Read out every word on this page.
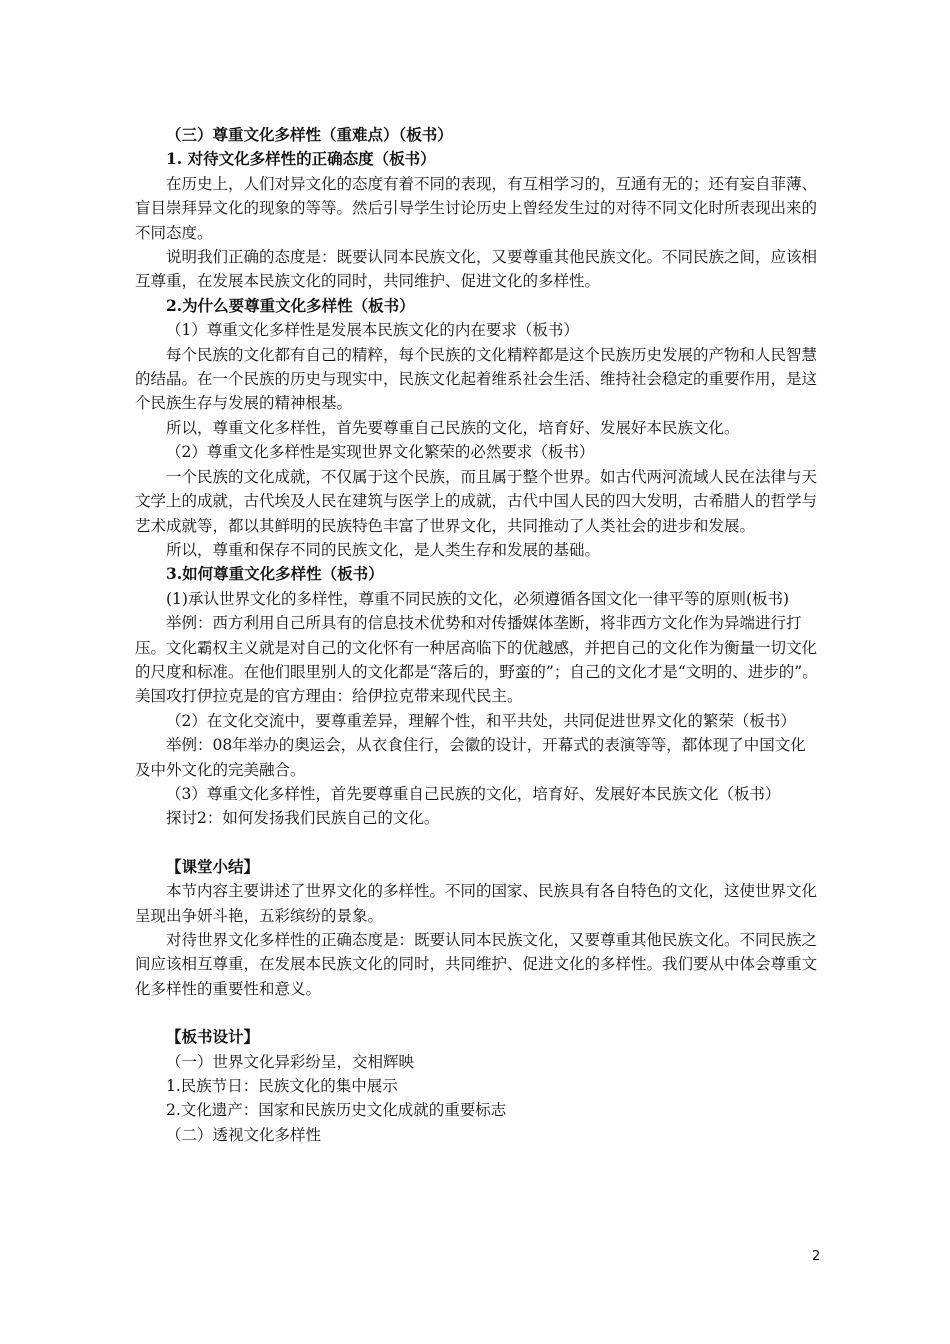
（三）尊重文化多样性（重难点）（板书）

1. 对待文化多样性的正确态度（板书）

在历史上，人们对异文化的态度有着不同的表现，有互相学习的，互通有无的；还有妄自菲薄、盲目崇拜异文化的现象的等等。然后引导学生讨论历史上曾经发生过的对待不同文化时所表现出来的不同态度。

说明我们正确的态度是：既要认同本民族文化，又要尊重其他民族文化。不同民族之间，应该相互尊重，在发展本民族文化的同时，共同维护、促进文化的多样性。

2.为什么要尊重文化多样性（板书）

（1）尊重文化多样性是发展本民族文化的内在要求（板书）

每个民族的文化都有自己的精粹，每个民族的文化精粹都是这个民族历史发展的产物和人民智慧的结晶。在一个民族的历史与现实中，民族文化起着维系社会生活、维持社会稳定的重要作用，是这个民族生存与发展的精神根基。

所以，尊重文化多样性，首先要尊重自己民族的文化，培育好、发展好本民族文化。

（2）尊重文化多样性是实现世界文化繁荣的必然要求（板书）

一个民族的文化成就，不仅属于这个民族，而且属于整个世界。如古代两河流域人民在法律与天文学上的成就，古代埃及人民在建筑与医学上的成就，古代中国人民的四大发明，古希腊人的哲学与艺术成就等，都以其鲜明的民族特色丰富了世界文化，共同推动了人类社会的进步和发展。

所以，尊重和保存不同的民族文化，是人类生存和发展的基础。

3.如何尊重文化多样性（板书）

(1)承认世界文化的多样性，尊重不同民族的文化，必须遵循各国文化一律平等的原则(板书)

举例：西方利用自己所具有的信息技术优势和对传播媒体垄断，将非西方文化作为异端进行打压。文化霸权主义就是对自己的文化怀有一种居高临下的优越感，并把自己的文化作为衡量一切文化的尺度和标准。在他们眼里别人的文化都是“落后的，野蛮的”；自己的文化才是“文明的、进步的”。美国攻打伊拉克是的官方理由：给伊拉克带来现代民主。

（2）在文化交流中，要尊重差异，理解个性，和平共处，共同促进世界文化的繁荣（板书）

举例：08年举办的奥运会，从衣食住行，会徽的设计，开幕式的表演等等，都体现了中国文化及中外文化的完美融合。

（3）尊重文化多样性，首先要尊重自己民族的文化，培育好、发展好本民族文化（板书）

探讨2：如何发扬我们民族自己的文化。

【课堂小结】

本节内容主要讲述了世界文化的多样性。不同的国家、民族具有各自特色的文化，这使世界文化呈现出争妍斗艳，五彩缤纷的景象。

对待世界文化多样性的正确态度是：既要认同本民族文化，又要尊重其他民族文化。不同民族之间应该相互尊重，在发展本民族文化的同时，共同维护、促进文化的多样性。我们要从中体会尊重文化多样性的重要性和意义。

【板书设计】

（一）世界文化异彩纷呈，交相辉映

1.民族节日：民族文化的集中展示

2.文化遗产：国家和民族历史文化成就的重要标志

（二）透视文化多样性

2
